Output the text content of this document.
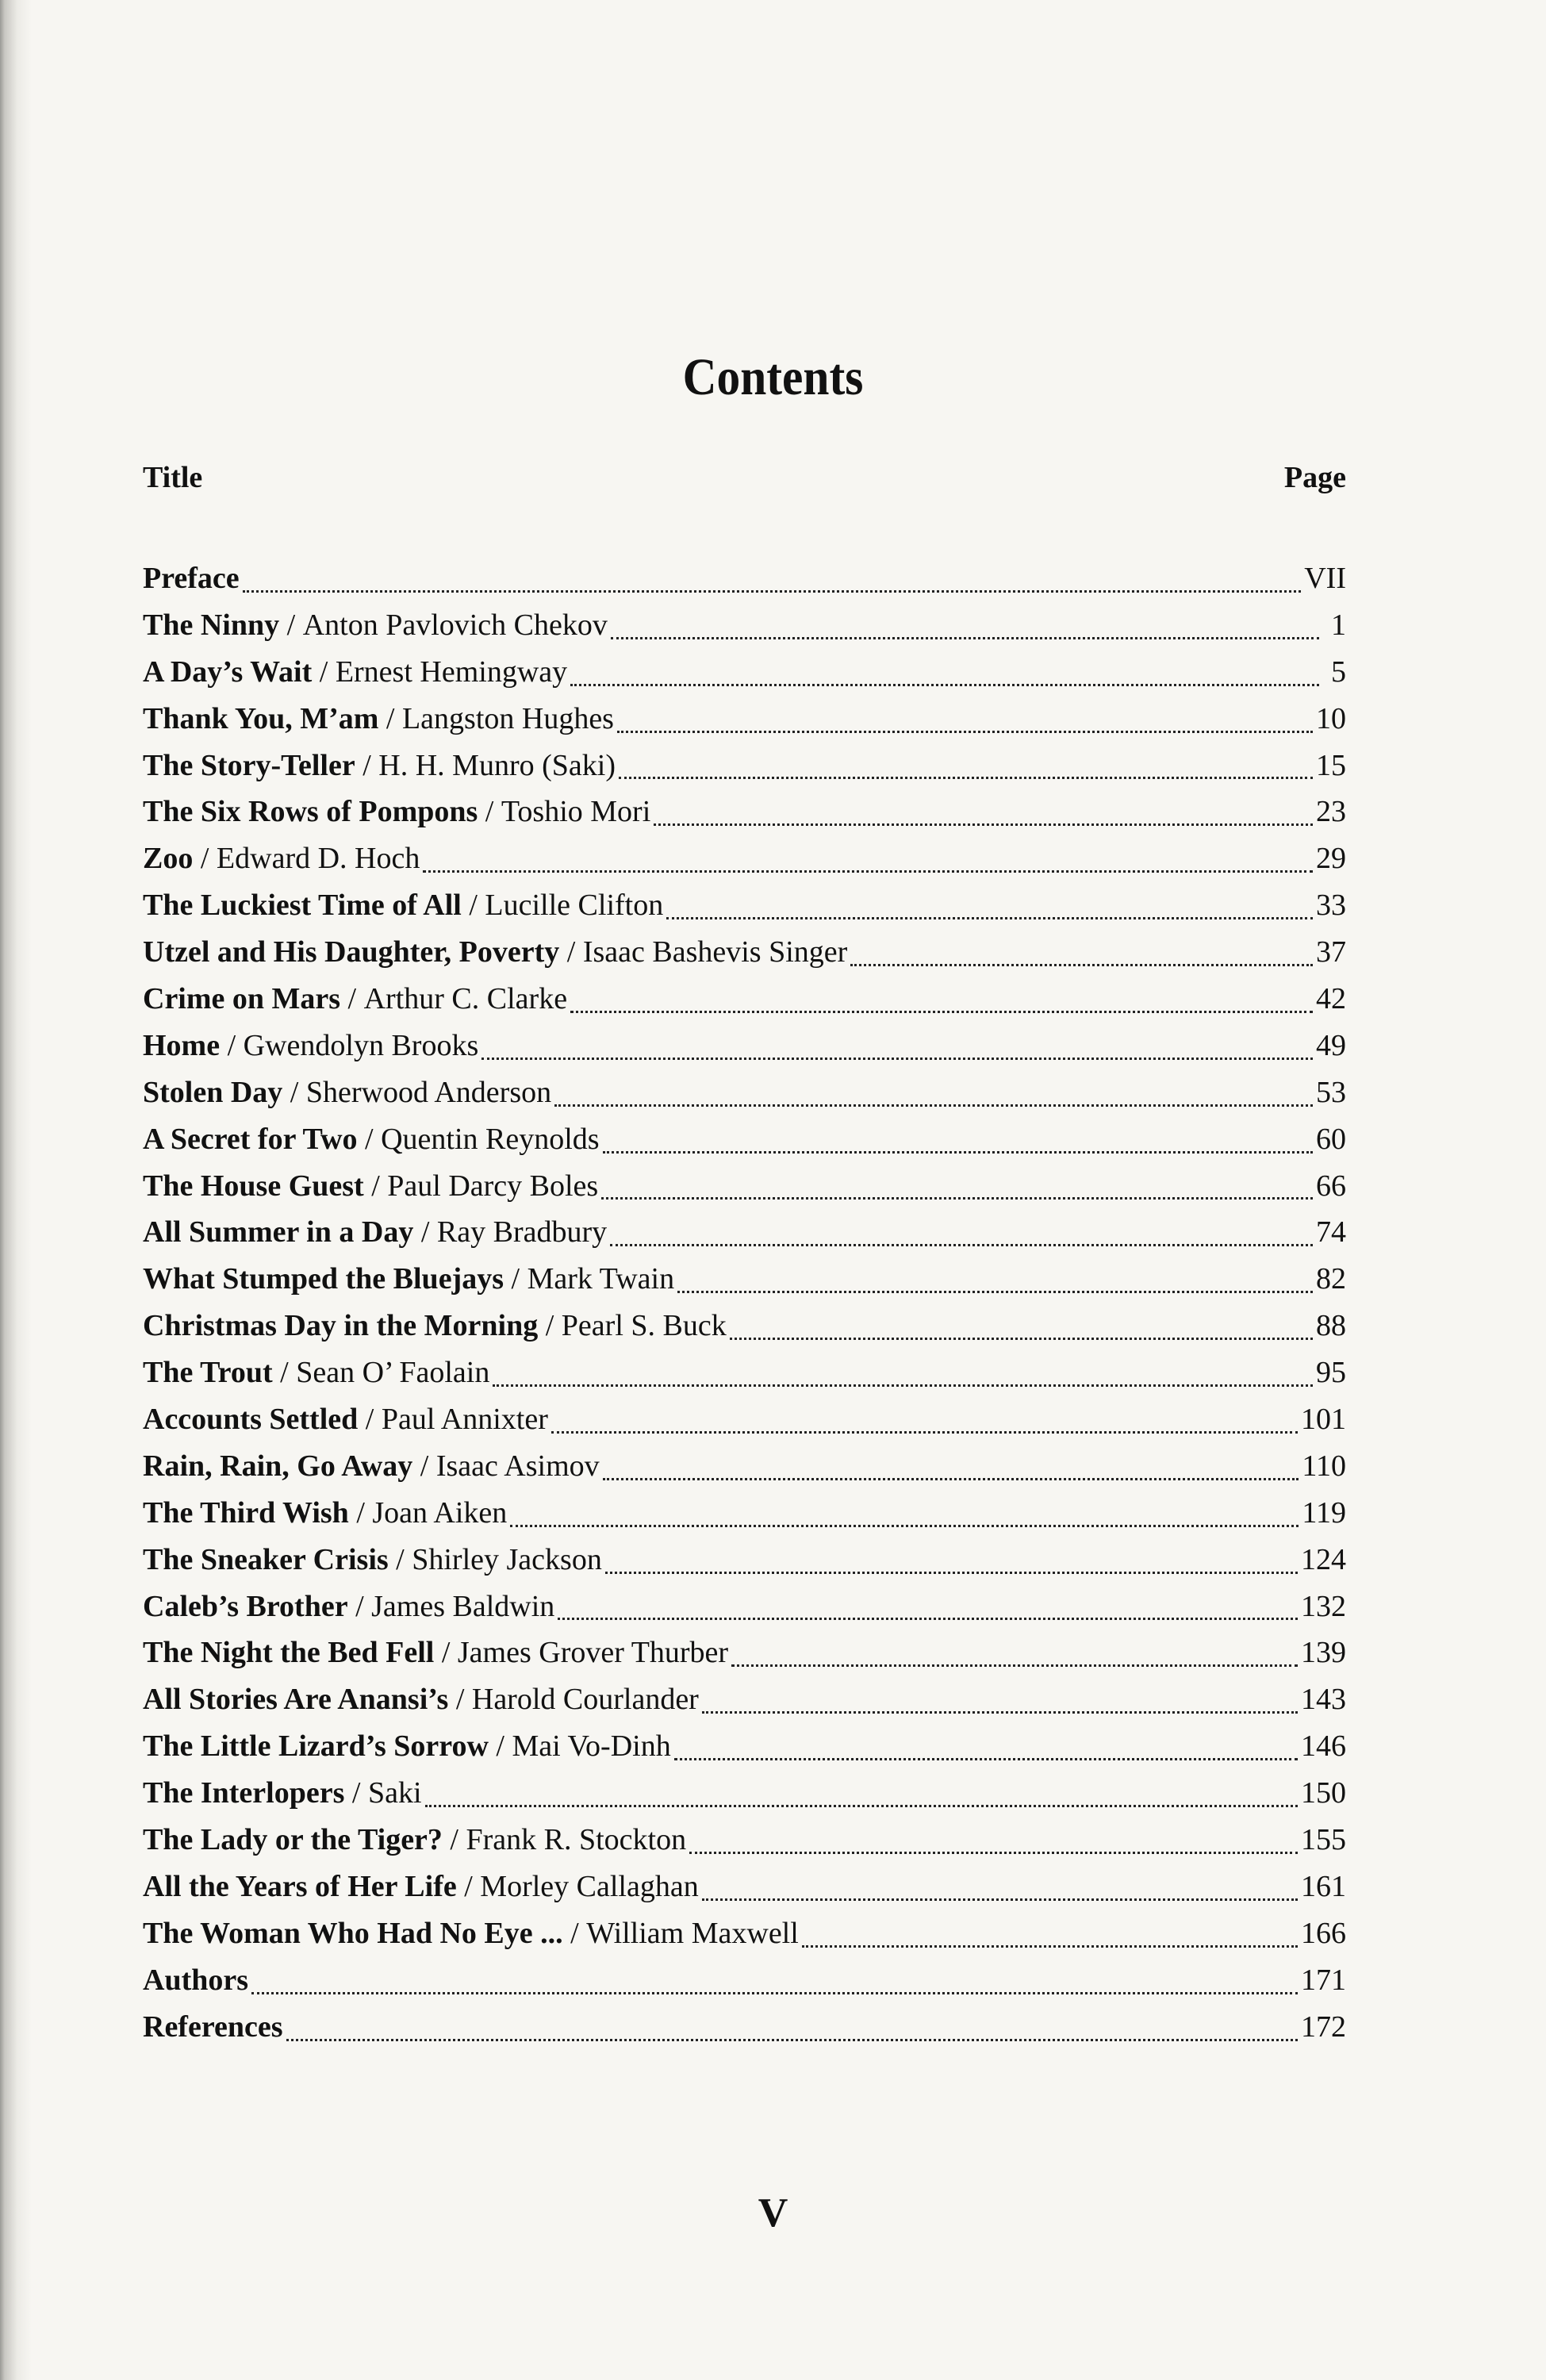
Contents
Title	Page
Preface	VII
The Ninny / Anton Pavlovich Chekov	1
A Day’s Wait / Ernest Hemingway	5
Thank You, M’am / Langston Hughes	10
The Story-Teller / H. H. Munro (Saki)	15
The Six Rows of Pompons / Toshio Mori	23
Zoo / Edward D. Hoch	29
The Luckiest Time of All / Lucille Clifton	33
Utzel and His Daughter, Poverty / Isaac Bashevis Singer	37
Crime on Mars / Arthur C. Clarke	42
Home / Gwendolyn Brooks	49
Stolen Day / Sherwood Anderson	53
A Secret for Two / Quentin Reynolds	60
The House Guest / Paul Darcy Boles	66
All Summer in a Day / Ray Bradbury	74
What Stumped the Bluejays / Mark Twain	82
Christmas Day in the Morning / Pearl S. Buck	88
The Trout / Sean O’ Faolain	95
Accounts Settled / Paul Annixter	101
Rain, Rain, Go Away / Isaac Asimov	110
The Third Wish / Joan Aiken	119
The Sneaker Crisis / Shirley Jackson	124
Caleb’s Brother / James Baldwin	132
The Night the Bed Fell / James Grover Thurber	139
All Stories Are Anansi’s / Harold Courlander	143
The Little Lizard’s Sorrow / Mai Vo-Dinh	146
The Interlopers / Saki	150
The Lady or the Tiger? / Frank R. Stockton	155
All the Years of Her Life / Morley Callaghan	161
The Woman Who Had No Eye ... / William Maxwell	166
Authors	171
References	172
V
